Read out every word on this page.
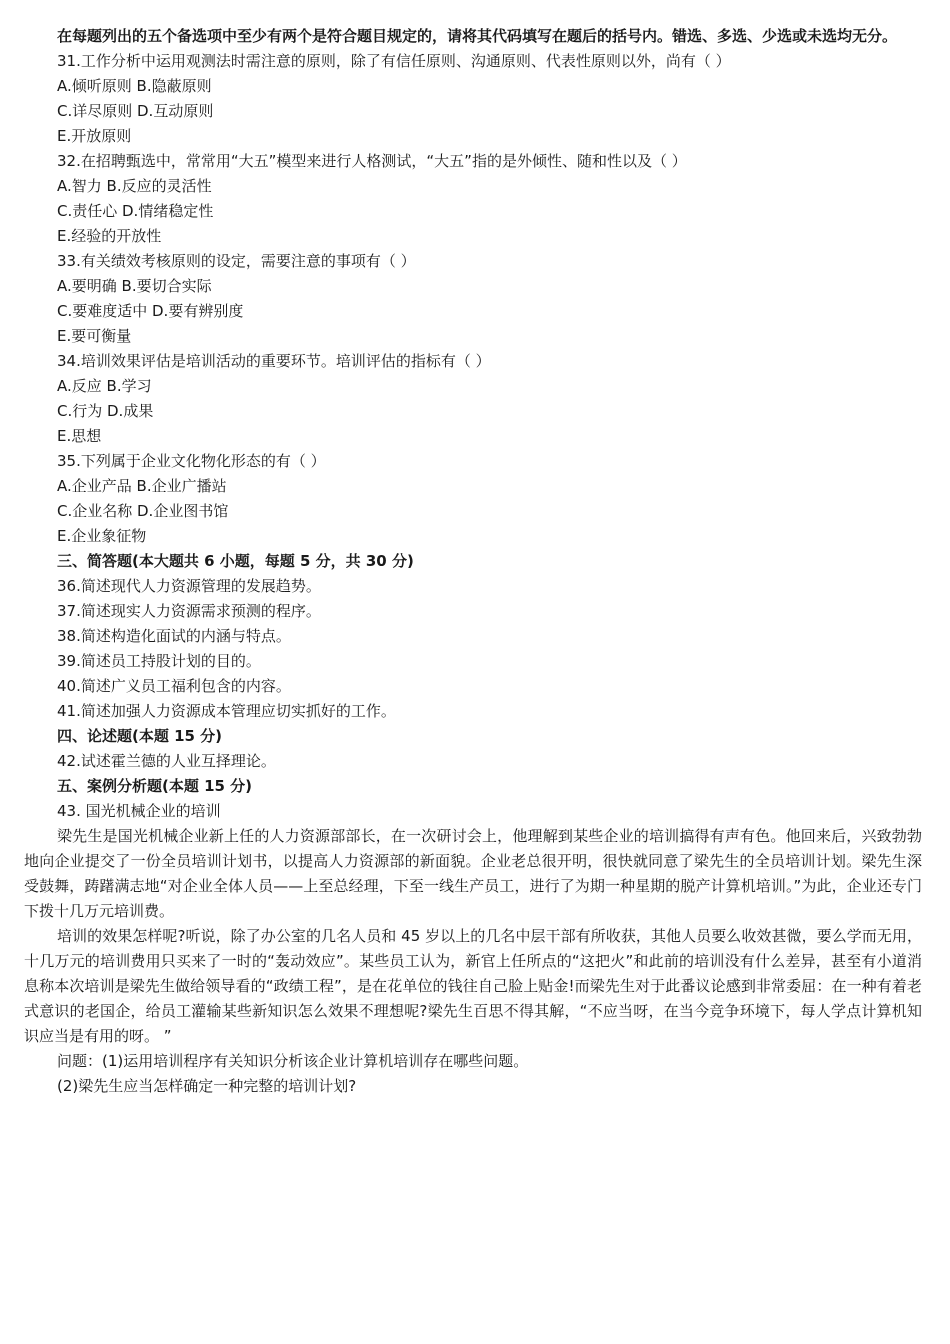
在每题列出的五个备选项中至少有两个是符合题目规定的，请将其代码填写在题后的括号内。错选、多选、少选或未选均无分。
31.工作分析中运用观测法时需注意的原则，除了有信任原则、沟通原则、代表性原则以外，尚有（ ）
A.倾听原则 B.隐蔽原则
C.详尽原则 D.互动原则
E.开放原则
32.在招聘甄选中，常常用“大五”模型来进行人格测试，“大五”指的是外倾性、随和性以及（ ）
A.智力 B.反应的灵活性
C.责任心 D.情绪稳定性
E.经验的开放性
33.有关绩效考核原则的设定，需要注意的事项有（ ）
A.要明确 B.要切合实际
C.要难度适中 D.要有辨别度
E.要可衡量
34.培训效果评估是培训活动的重要环节。培训评估的指标有（ ）
A.反应 B.学习
C.行为 D.成果
E.思想
35.下列属于企业文化物化形态的有（ ）
A.企业产品 B.企业广播站
C.企业名称 D.企业图书馆
E.企业象征物
三、简答题(本大题共 6 小题，每题 5 分，共 30 分)
36.简述现代人力资源管理的发展趋势。
37.简述现实人力资源需求预测的程序。
38.简述构造化面试的内涵与特点。
39.简述员工持股计划的目的。
40.简述广义员工福利包含的内容。
41.简述加强人力资源成本管理应切实抓好的工作。
四、论述题(本题 15 分)
42.试述霍兰德的人业互择理论。
五、案例分析题(本题 15 分)
43. 国光机械企业的培训
梁先生是国光机械企业新上任的人力资源部部长，在一次研讨会上，他理解到某些企业的培训搞得有声有色。他回来后，兴致勃勃地向企业提交了一份全员培训计划书，以提高人力资源部的新面貌。企业老总很开明，很快就同意了梁先生的全员培训计划。梁先生深受鼓舞，踌躇满志地“对企业全体人员——上至总经理，下至一线生产员工，进行了为期一种星期的脱产计算机培训。”为此，企业还专门下拨十几万元培训费。
培训的效果怎样呢?听说，除了办公室的几名人员和 45 岁以上的几名中层干部有所收获，其他人员要么收效甚微，要么学而无用，十几万元的培训费用只买来了一时的“轰动效应”。某些员工认为，新官上任所点的“这把火”和此前的培训没有什么差异，甚至有小道消息称本次培训是梁先生做给领导看的“政绩工程”，是在花单位的钱往自己脸上贴金!而梁先生对于此番议论感到非常委屈：在一种有着老式意识的老国企，给员工灌输某些新知识怎么效果不理想呢?梁先生百思不得其解，“不应当呀，在当今竞争环境下，每人学点计算机知识应当是有用的呀。 ”
问题：(1)运用培训程序有关知识分析该企业计算机培训存在哪些问题。
(2)梁先生应当怎样确定一种完整的培训计划?
